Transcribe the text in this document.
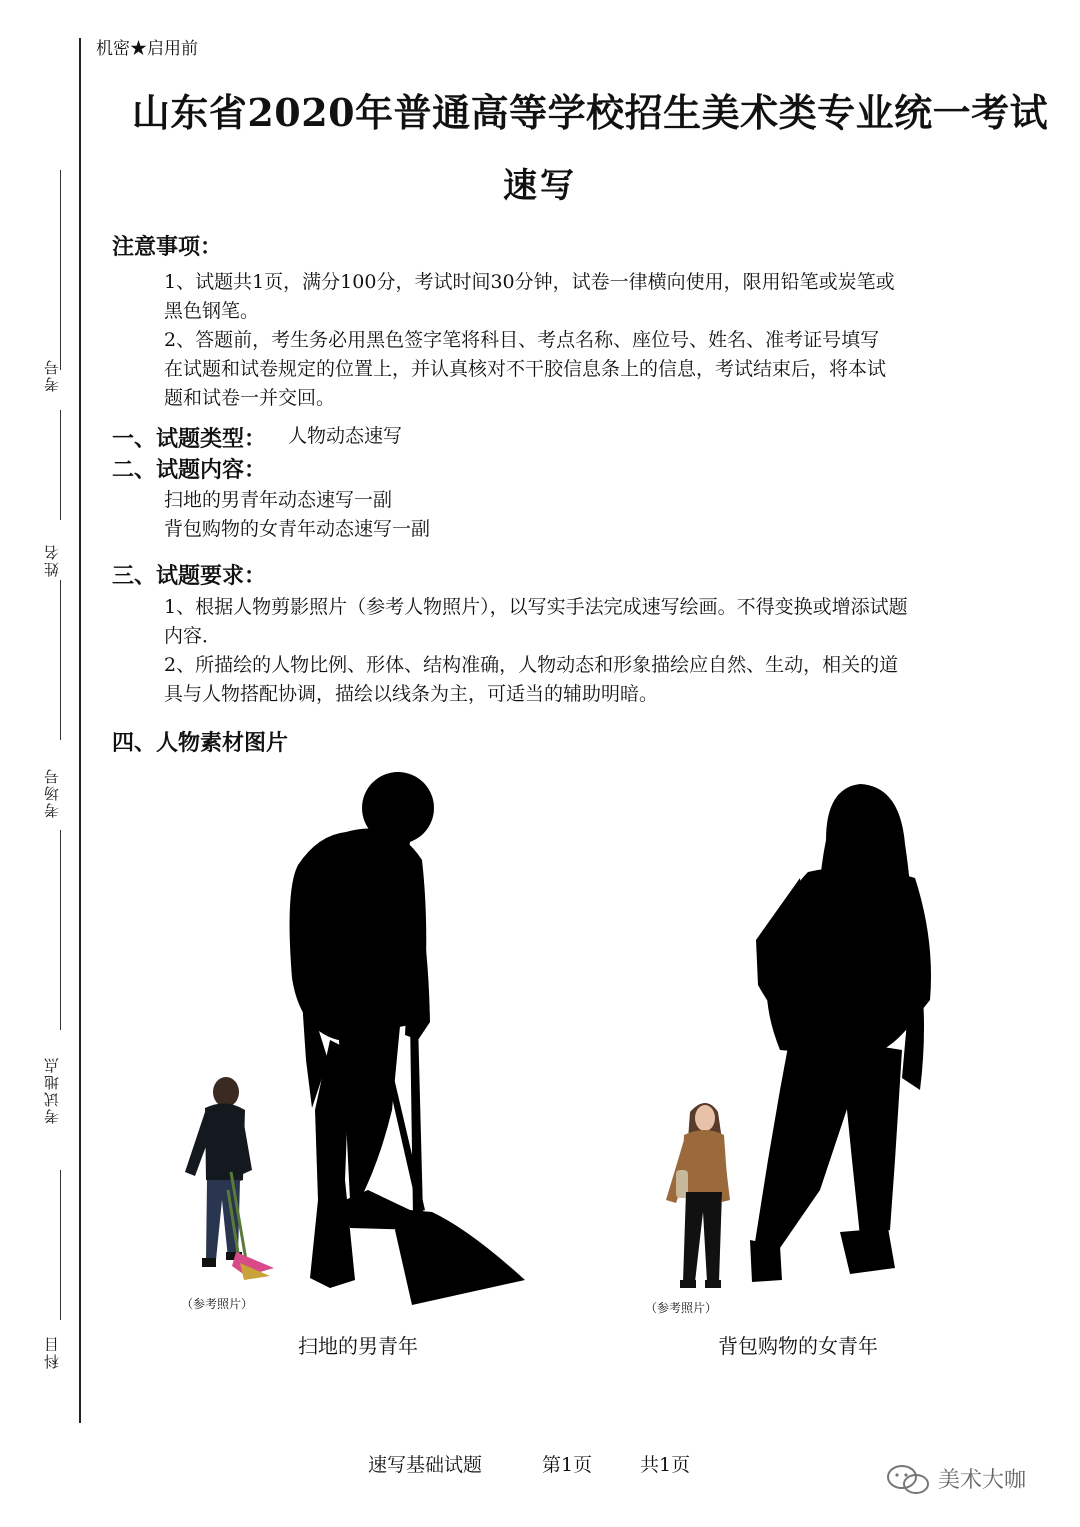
考号
姓名
考场号
考试地点
科目
机密★启用前
山东省2020年普通高等学校招生美术类专业统一考试
速写
注意事项：
1、试题共1页，满分100分，考试时间30分钟，试卷一律横向使用，限用铅笔或炭笔或
黑色钢笔。
2、答题前，考生务必用黑色签字笔将科目、考点名称、座位号、姓名、准考证号填写
在试题和试卷规定的位置上，并认真核对不干胶信息条上的信息，考试结束后，将本试
题和试卷一并交回。
一、试题类型： 人物动态速写
二、试题内容：
扫地的男青年动态速写一副
背包购物的女青年动态速写一副
三、试题要求：
1、根据人物剪影照片（参考人物照片），以写实手法完成速写绘画。不得变换或增添试题
内容．
2、所描绘的人物比例、形体、结构准确，人物动态和形象描绘应自然、生动，相关的道
具与人物搭配协调，描绘以线条为主，可适当的辅助明暗。
四、人物素材图片
（参考照片）
扫地的男青年
（参考照片）
背包购物的女青年
速写基础试题	第1页	共1页
美术大咖
